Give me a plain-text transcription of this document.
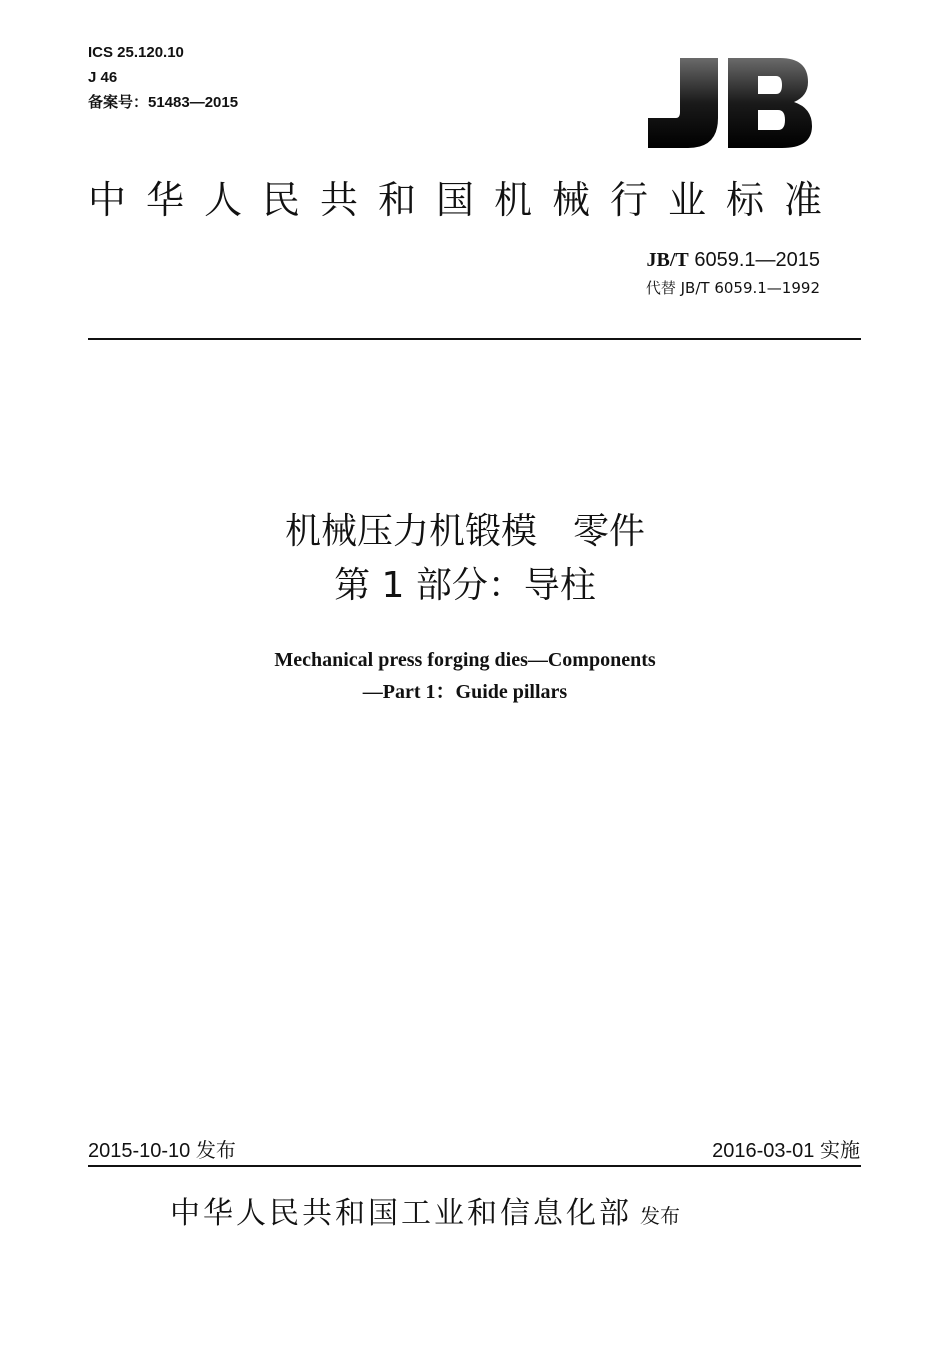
ICS 25.120.10
J 46
备案号：51483—2015
中华人民共和国机械行业标准
JB/T 6059.1—2015
代替 JB/T 6059.1—1992
机械压力机锻模　零件
第 1 部分：导柱
Mechanical press forging dies—Components
—Part 1：Guide pillars
2015-10-10 发布	2016-03-01 实施
中华人民共和国工业和信息化部 发布
